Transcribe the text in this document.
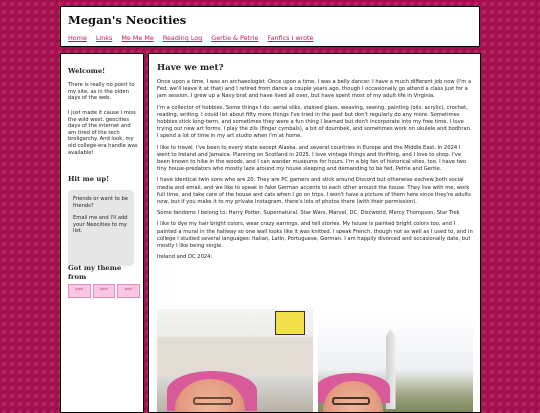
Megan's Neocities
Home Links Me Me Me Reading Log Gertie & Petrie Fanfics I wrote
Welcome!

There is really no point to my site, as in the olden days of the web.

I just made it cause I miss the wild west, geocities days of the internet and am tired of the tech broligarchy. And look, my old college-era handle was available!

Hit me up!

Friends or want to be friends?

Email me and I'll add your Neocities to my list.

Got my theme from
pink	pink	pink
Have we met?

Once upon a time, I was an archaeologist. Once upon a time, I was a belly dancer. I have a much different job now (I'm a Fed, we'll leave it at that) and I retired from dance a couple years ago, though I occasionally go attend a class just for a jam session. I grew up a Navy brat and have lived all over, but have spent most of my adult life in Virginia.

I'm a collector of hobbies. Some things I do: aerial silks, stained glass, weaving, sewing, painting (oils, acrylic), crochet, reading, writing. I could list about fifty more things I've tried in the past but don't regularly do any more. Sometimes hobbies stick long-term, and sometimes they were a fun thing I learned but don't incorporate into my free time. I love trying out new art forms. I play the zils (finger cymbals), a bit of doumbek, and sometimes work on ukulele and bodhran. I spend a lot of time in my art studio when I'm at home.

I like to travel. I've been to every state except Alaska, and several countries in Europe and the Middle East. In 2024 I went to Ireland and Jamaica. Planning on Scotland in 2025. I love vintage things and thrifting, and I love to shop. I've been known to hike in the woods, and I can wander museums for hours. I'm a big fan of historical sites, too. I have two tiny house-predators who mostly laze around my house sleeping and demanding to be fed, Petrie and Gertie.

I have identical twin sons who are 20. They are PC gamers and stick around Discord but otherwise eschew both social media and email, and we like to speak in fake German accents to each other around the house. They live with me, work full time, and take care of the house and cats when I go on trips. I won't have a picture of them here since they're adults now, but if you make it to my private Instagram, there's lots of photos there (with their permission).

Some fandoms I belong to: Harry Potter, Supernatural, Star Wars, Marvel, DC, Discworld, Mercy Thompson, Star Trek

I like to dye my hair bright colors, wear crazy earrings, and tell stories. My house is painted bright colors too, and I painted a mural in the hallway so one wall looks like it was knitted. I speak French, though not as well as I used to, and in college I studied several languages: Italian, Latin, Portuguese, German. I am happily divorced and occasionally date, but mostly I like being single.

Ireland and DC 2024:
